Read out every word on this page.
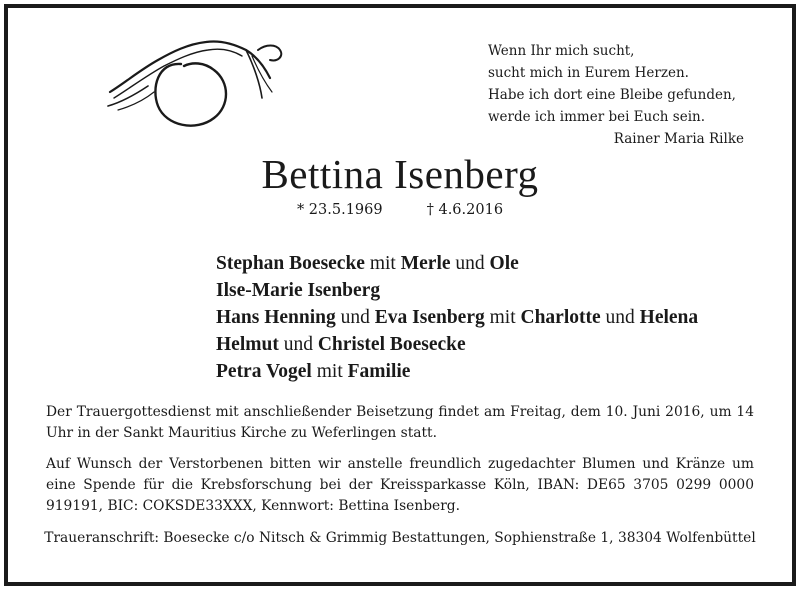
Wenn Ihr mich sucht,
sucht mich in Eurem Herzen.
Habe ich dort eine Bleibe gefunden,
werde ich immer bei Euch sein.
Rainer Maria Rilke
Bettina Isenberg
* 23.5.1969	† 4.6.2016
Stephan Boesecke mit Merle und Ole
Ilse-Marie Isenberg
Hans Henning und Eva Isenberg mit Charlotte und Helena
Helmut und Christel Boesecke
Petra Vogel mit Familie
Der Trauergottesdienst mit anschließender Beisetzung findet am Freitag, dem 10. Juni 2016, um 14 Uhr in der Sankt Mauritius Kirche zu Weferlingen statt.
Auf Wunsch der Verstorbenen bitten wir anstelle freundlich zugedachter Blumen und Kränze um eine Spende für die Krebsforschung bei der Kreissparkasse Köln, IBAN: DE65 3705 0299 0000 919191, BIC: COKSDE33XXX, Kennwort: Bettina Isenberg.
Traueranschrift: Boesecke c/o Nitsch & Grimmig Bestattungen, Sophienstraße 1, 38304 Wolfenbüttel
